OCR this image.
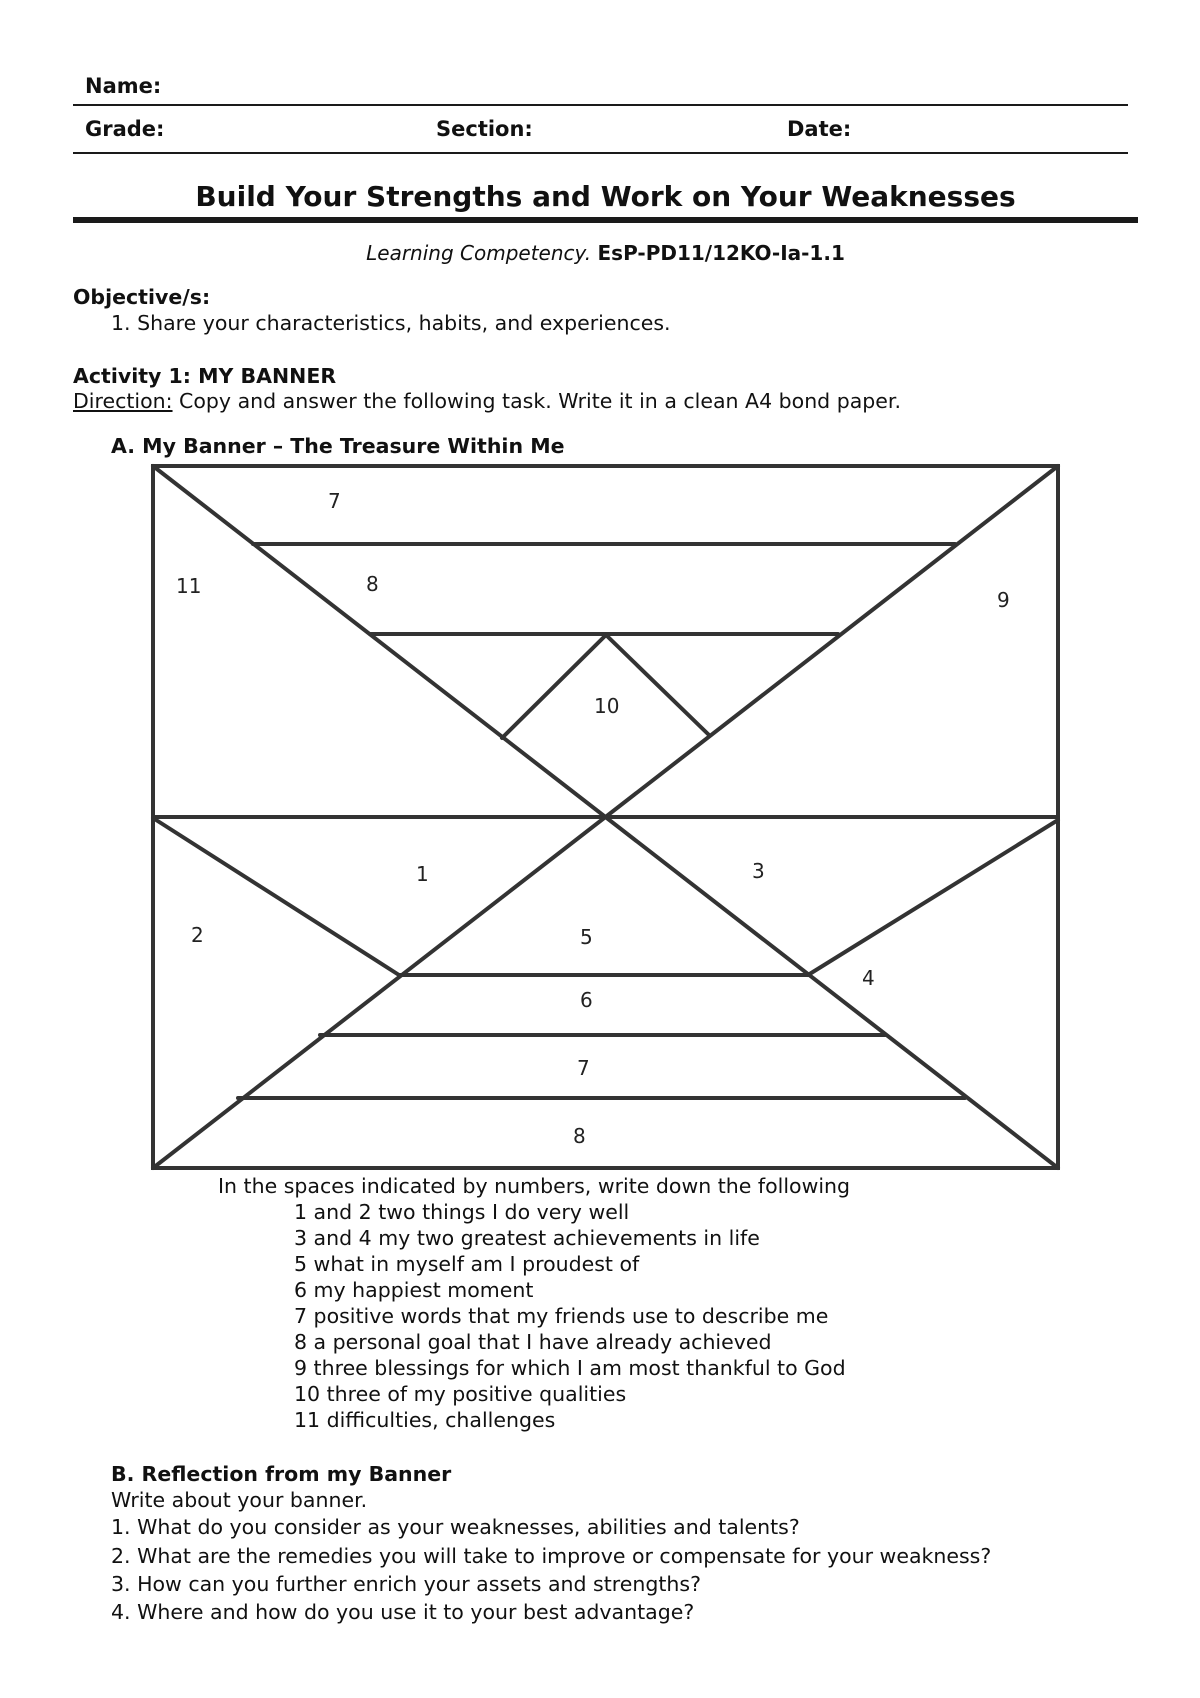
Name:
Grade:	Section:	Date:
Build Your Strengths and Work on Your Weaknesses
Learning Competency. EsP-PD11/12KO-Ia-1.1
Objective/s:
1. Share your characteristics, habits, and experiences.
Activity 1: MY BANNER
Direction: Copy and answer the following task. Write it in a clean A4 bond paper.
A. My Banner – The Treasure Within Me
7
11	8
9
10
1	3
2	5
4
6
7
8
In the spaces indicated by numbers, write down the following
1 and 2 two things I do very well
3 and 4 my two greatest achievements in life
5 what in myself am I proudest of
6 my happiest moment
7 positive words that my friends use to describe me
8 a personal goal that I have already achieved
9 three blessings for which I am most thankful to God
10 three of my positive qualities
11 difficulties, challenges
B. Reflection from my Banner
Write about your banner.
1. What do you consider as your weaknesses, abilities and talents?
2. What are the remedies you will take to improve or compensate for your weakness?
3. How can you further enrich your assets and strengths?
4. Where and how do you use it to your best advantage?
